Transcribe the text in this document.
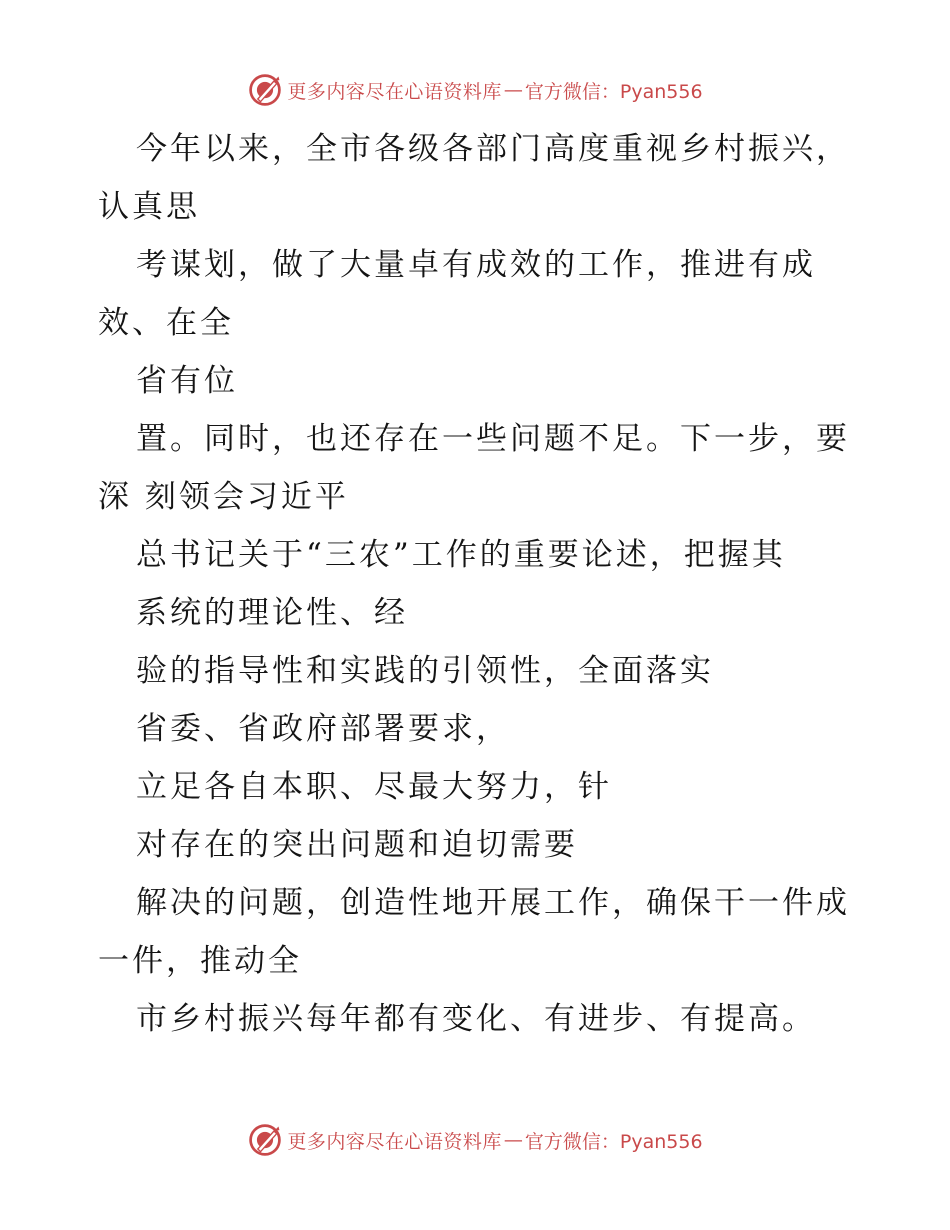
更多内容尽在心语资料库 — 官方微信：Pyan556
今年以来，全市各级各部门高度重视乡村振兴，
认真思
考谋划，做了大量卓有成效的工作，推进有成
效、在全
省有位
置。同时，也还存在一些问题不足。下一步，要
深 刻领会习近平
总书记关于“三农”工作的重要论述，把握其
系统的理论性、经
验的指导性和实践的引领性，全面落实
省委、省政府部署要求，
立足各自本职、尽最大努力，针
对存在的突出问题和迫切需要
解决的问题，创造性地开展工作，确保干一件成
一件，推动全
市乡村振兴每年都有变化、有进步、有提高。
更多内容尽在心语资料库 — 官方微信：Pyan556
